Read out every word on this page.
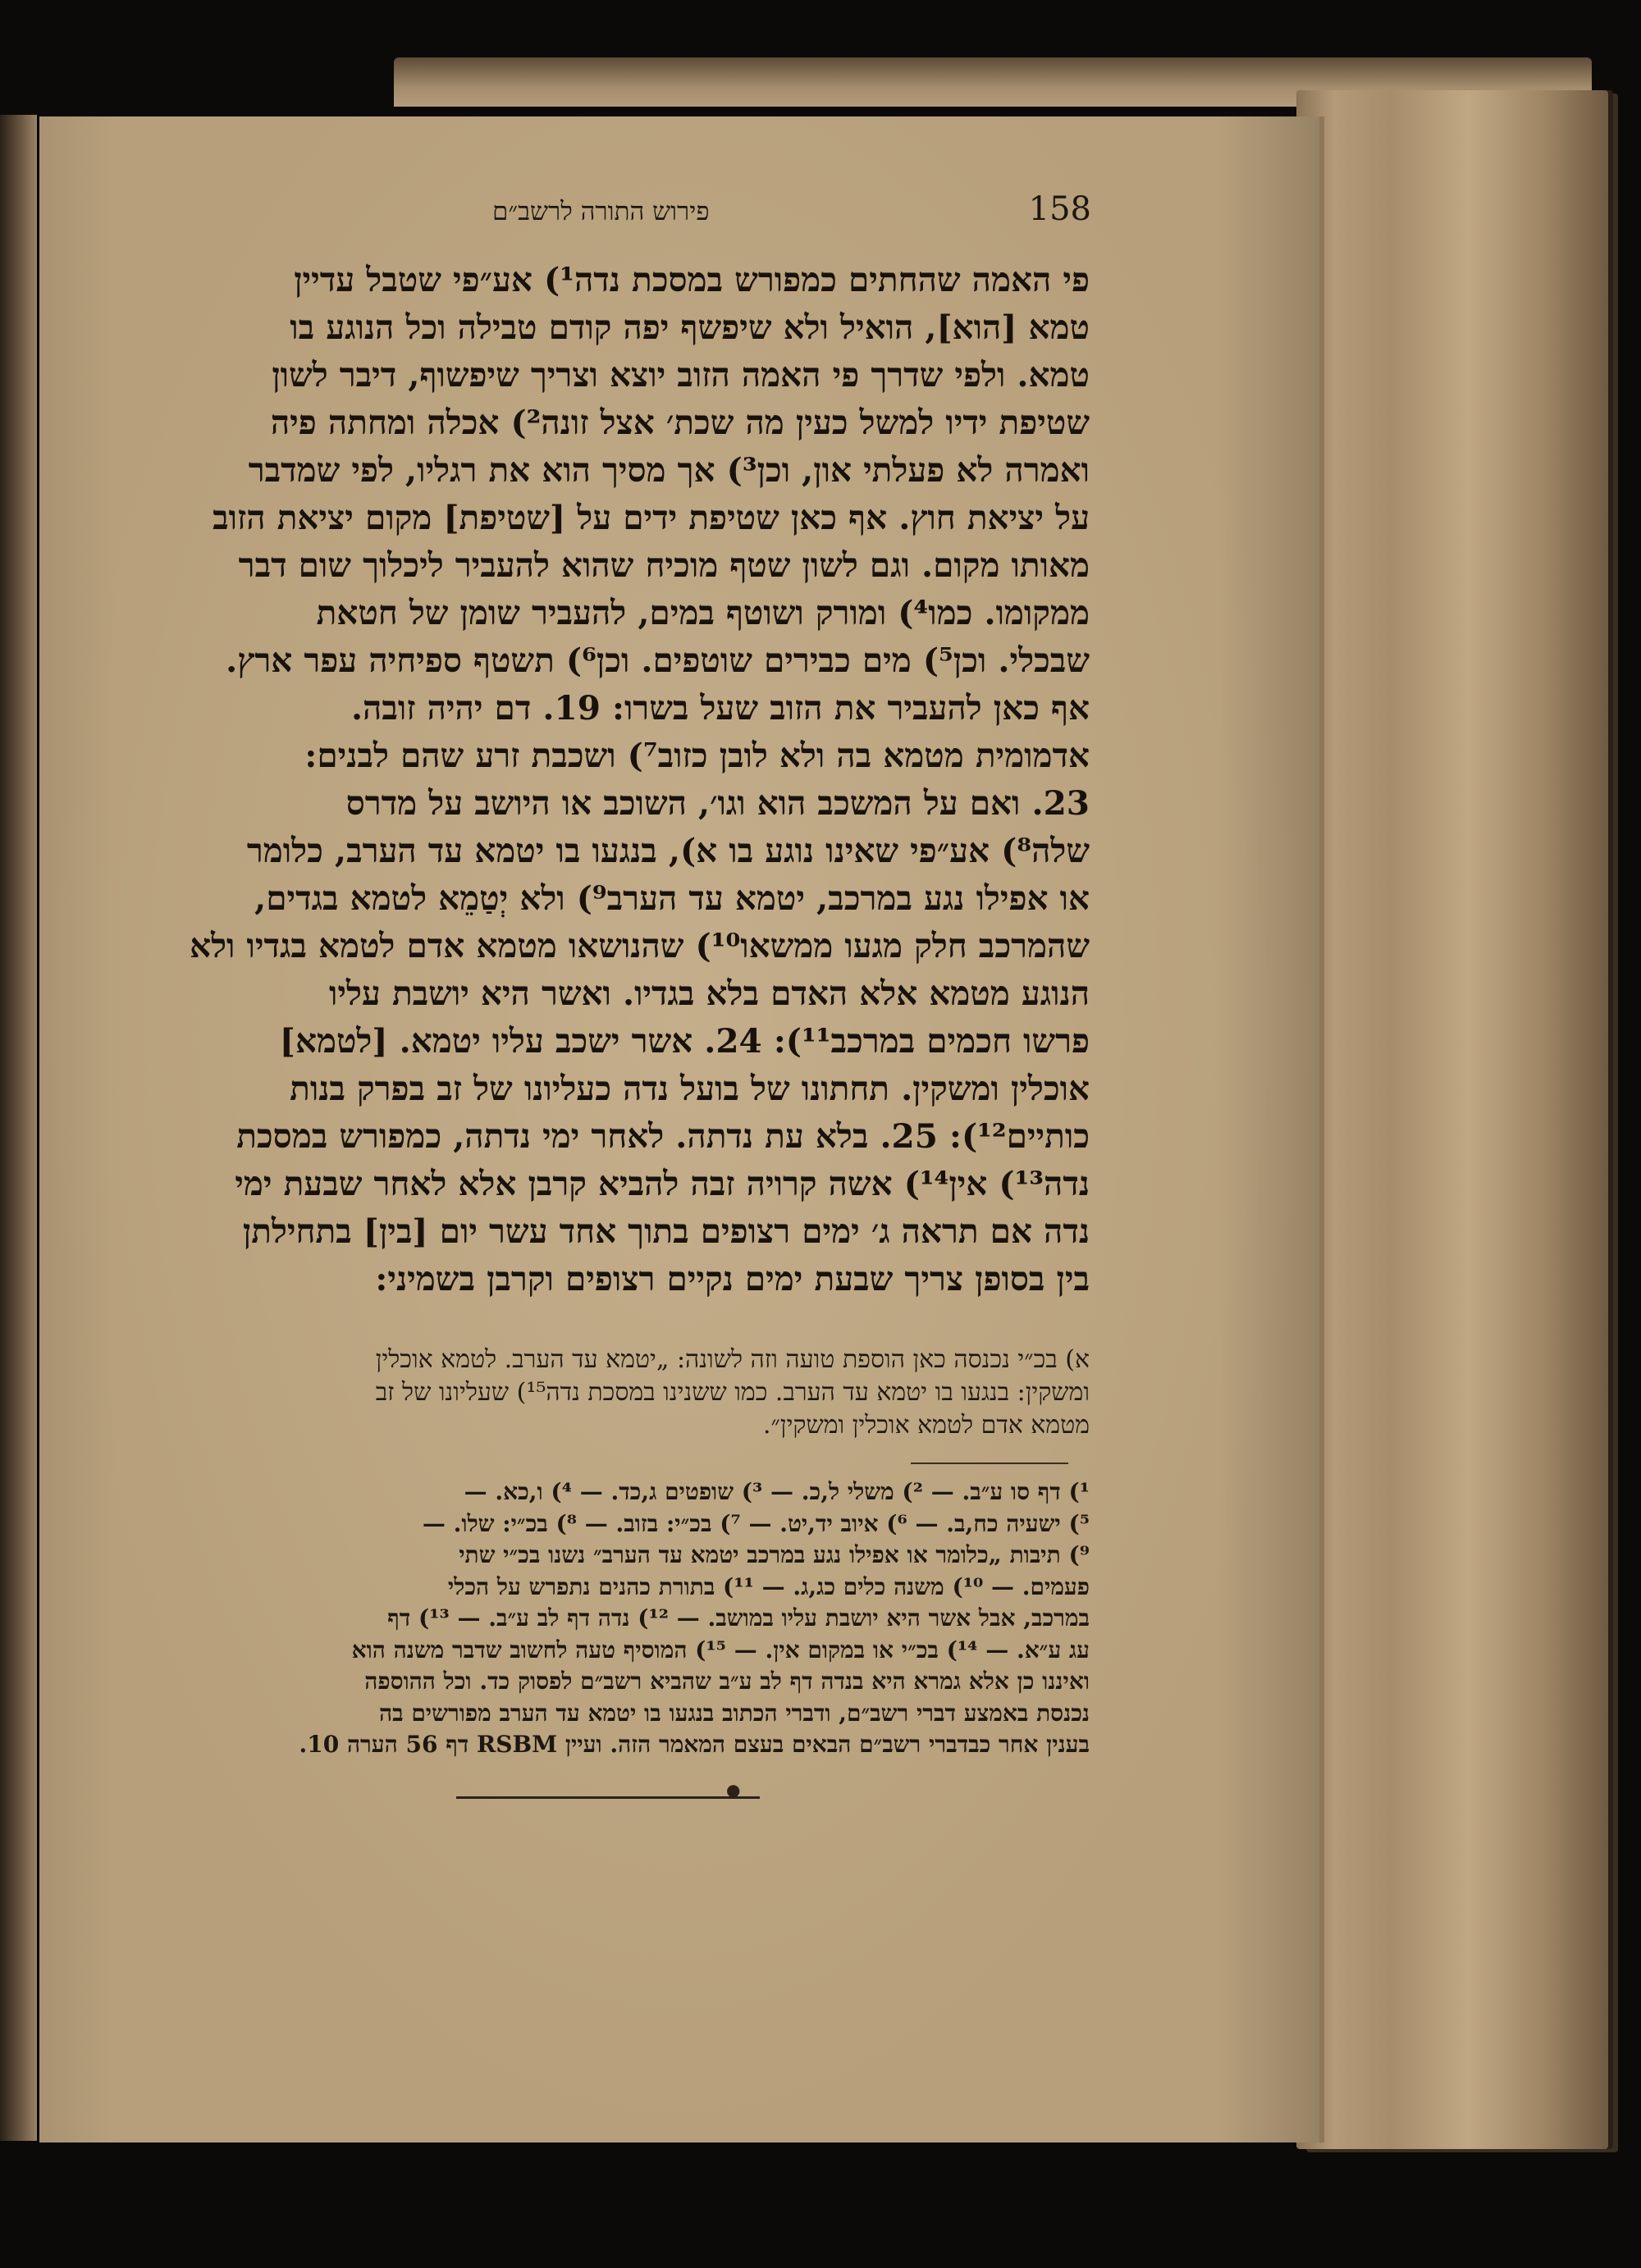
פירוש התורה לרשב״ם	158
פי האמה שהחתים כמפורש במסכת נדה¹) אע״פי שטבל עדיין
טמא [הוא], הואיל ולא שיפשף יפה קודם טבילה וכל הנוגע בו
טמא. ולפי שדרך פי האמה הזוב יוצא וצריך שיפשוף, דיבר לשון
שטיפת ידיו למשל כעין מה שכת׳ אצל זונה²) אכלה ומחתה פיה
ואמרה לא פעלתי און, וכן³) אך מסיך הוא את רגליו, לפי שמדבר
על יציאת חוץ. אף כאן שטיפת ידים על [שטיפת] מקום יציאת הזוב
מאותו מקום. וגם לשון שטף מוכיח שהוא להעביר ליכלוך שום דבר
ממקומו. כמו⁴) ומורק ושוטף במים, להעביר שומן של חטאת
שבכלי. וכן⁵) מים כבירים שוטפים. וכן⁶) תשטף ספיחיה עפר ארץ.
אף כאן להעביר את הזוב שעל בשרו: 19. דם יהיה זובה.
אדמומית מטמא בה ולא לובן כזוב⁷) ושכבת זרע שהם לבנים:
23. ואם על המשכב הוא וגו׳, השוכב או היושב על מדרס
שלה⁸) אע״פי שאינו נוגע בו א), בנגעו בו יטמא עד הערב, כלומר
או אפילו נגע במרכב, יטמא עד הערב⁹) ולא יְטַמֵא לטמא בגדים,
שהמרכב חלק מגעו ממשאו¹⁰) שהנושאו מטמא אדם לטמא בגדיו ולא
הנוגע מטמא אלא האדם בלא בגדיו. ואשר היא יושבת עליו
פרשו חכמים במרכב¹¹): 24. אשר ישכב עליו יטמא. [לטמא]
אוכלין ומשקין. תחתונו של בועל נדה כעליונו של זב בפרק בנות
כותיים¹²): 25. בלא עת נדתה. לאחר ימי נדתה, כמפורש במסכת
נדה¹³) אין¹⁴) אשה קרויה זבה להביא קרבן אלא לאחר שבעת ימי
נדה אם תראה ג׳ ימים רצופים בתוך אחד עשר יום [בין] בתחילתן
בין בסופן צריך שבעת ימים נקיים רצופים וקרבן בשמיני:
א) בכ״י נכנסה כאן הוספת טועה וזה לשונה: „יטמא עד הערב. לטמא אוכלין
ומשקין: בנגעו בו יטמא עד הערב. כמו ששנינו במסכת נדה¹⁵) שעליונו של זב
מטמא אדם לטמא אוכלין ומשקין״.
¹) דף סו ע״ב. — ²) משלי ל,כ. — ³) שופטים ג,כד. — ⁴) ו,כא. —
⁵) ישעיה כח,ב. — ⁶) איוב יד,יט. — ⁷) בכ״י: בזוב. — ⁸) בכ״י: שלו. —
⁹) תיבות „כלומר או אפילו נגע במרכב יטמא עד הערב״ נשנו בכ״י שתי
פעמים. — ¹⁰) משנה כלים כג,ג. — ¹¹) בתורת כהנים נתפרש על הכלי
במרכב, אבל אשר היא יושבת עליו במושב. — ¹²) נדה דף לב ע״ב. — ¹³) דף
עג ע״א. — ¹⁴) בכ״י או במקום אין. — ¹⁵) המוסיף טעה לחשוב שדבר משנה הוא
ואיננו כן אלא גמרא היא בנדה דף לב ע״ב שהביא רשב״ם לפסוק כד. וכל ההוספה
נכנסת באמצע דברי רשב״ם, ודברי הכתוב בנגעו בו יטמא עד הערב מפורשים בה
בענין אחר כבדברי רשב״ם הבאים בעצם המאמר הזה. ועיין RSBM דף 56 הערה 10.
●
